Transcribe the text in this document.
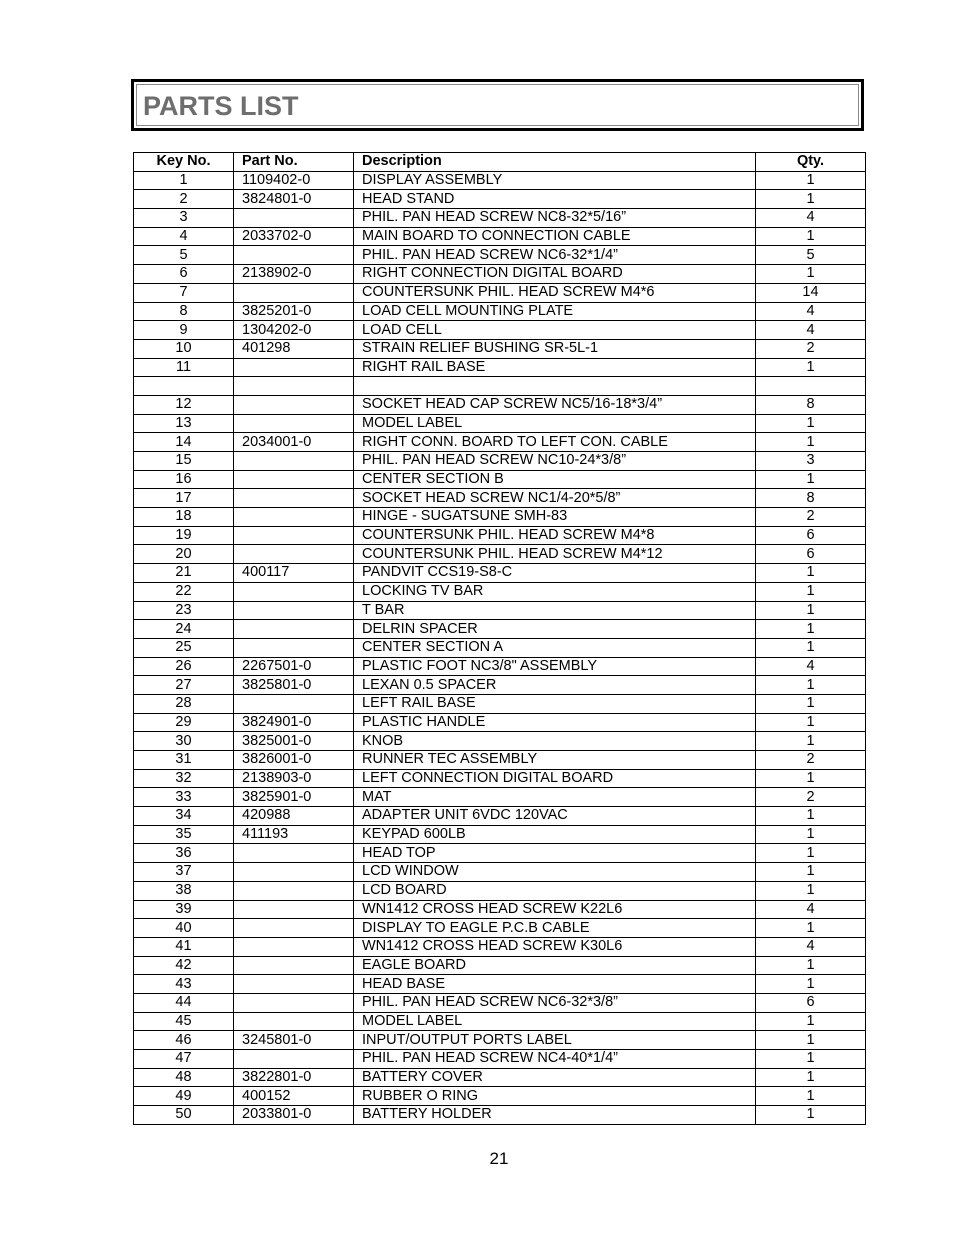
PARTS LIST
Key No.	Part No.	Description	Qty.
1	1109402-0	DISPLAY ASSEMBLY	1
2	3824801-0	HEAD STAND	1
3		PHIL. PAN HEAD SCREW NC8-32*5/16”	4
4	2033702-0	MAIN BOARD TO CONNECTION CABLE	1
5		PHIL. PAN HEAD SCREW NC6-32*1/4”	5
6	2138902-0	RIGHT CONNECTION DIGITAL BOARD	1
7		COUNTERSUNK PHIL. HEAD SCREW M4*6	14
8	3825201-0	LOAD CELL MOUNTING PLATE	4
9	1304202-0	LOAD CELL	4
10	401298	STRAIN RELIEF BUSHING SR-5L-1	2
11		RIGHT RAIL BASE	1

12		SOCKET HEAD CAP SCREW NC5/16-18*3/4”	8
13		MODEL LABEL	1
14	2034001-0	RIGHT CONN. BOARD TO LEFT CON. CABLE	1
15		PHIL. PAN HEAD SCREW NC10-24*3/8”	3
16		CENTER SECTION B	1
17		SOCKET HEAD SCREW NC1/4-20*5/8”	8
18		HINGE - SUGATSUNE SMH-83	2
19		COUNTERSUNK PHIL. HEAD SCREW M4*8	6
20		COUNTERSUNK PHIL. HEAD SCREW M4*12	6
21	400117	PANDVIT CCS19-S8-C	1
22		LOCKING TV BAR	1
23		T BAR	1
24		DELRIN SPACER	1
25		CENTER SECTION A	1
26	2267501-0	PLASTIC FOOT NC3/8" ASSEMBLY	4
27	3825801-0	LEXAN 0.5 SPACER	1
28		LEFT RAIL BASE	1
29	3824901-0	PLASTIC HANDLE	1
30	3825001-0	KNOB	1
31	3826001-0	RUNNER TEC ASSEMBLY	2
32	2138903-0	LEFT CONNECTION DIGITAL BOARD	1
33	3825901-0	MAT	2
34	420988	ADAPTER UNIT 6VDC 120VAC	1
35	411193	KEYPAD 600LB	1
36		HEAD TOP	1
37		LCD WINDOW	1
38		LCD BOARD	1
39		WN1412 CROSS HEAD SCREW K22L6	4
40		DISPLAY TO EAGLE P.C.B CABLE	1
41		WN1412 CROSS HEAD SCREW K30L6	4
42		EAGLE BOARD	1
43		HEAD BASE	1
44		PHIL. PAN HEAD SCREW NC6-32*3/8”	6
45		MODEL LABEL	1
46	3245801-0	INPUT/OUTPUT PORTS LABEL	1
47		PHIL. PAN HEAD SCREW NC4-40*1/4”	1
48	3822801-0	BATTERY COVER	1
49	400152	RUBBER O RING	1
50	2033801-0	BATTERY HOLDER	1
21
